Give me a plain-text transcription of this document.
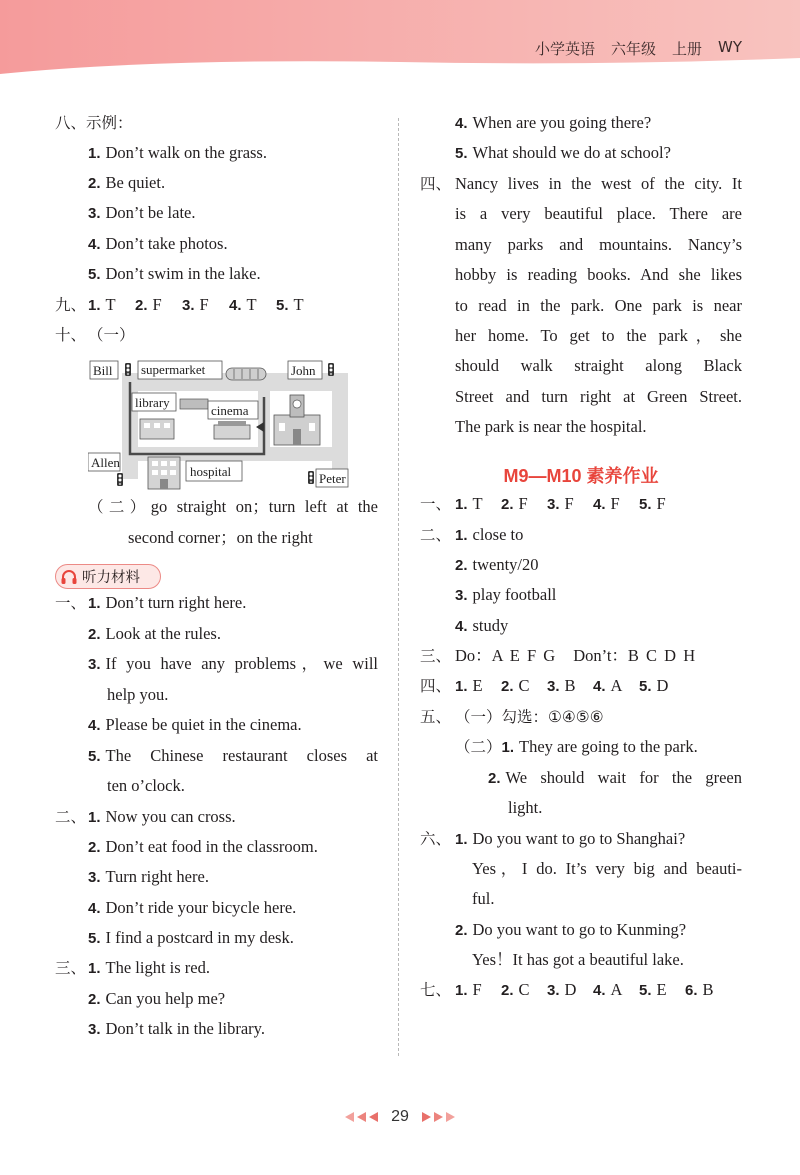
小学英语 六年级 上册 WY
八、示例：
1. Don’t walk on the grass.
2. Be quiet.
3. Don’t be late.
4. Don’t take photos.
5. Don’t swim in the lake.
九、 1. T 2. F 3. F 4. T 5. T
十、 （一）
Bill supermarket	John
library
cinema
Allen
hospital	Peter
（二）go straight on；turn left at the
second corner；on the right
听力材料
一、 1. Don’t turn right here.
2. Look at the rules.
3. If you have any problems，we will
help you.
4. Please be quiet in the cinema.
5. The Chinese restaurant closes at
ten o’clock.
二、 1. Now you can cross.
2. Don’t eat food in the classroom.
3. Turn right here.
4. Don’t ride your bicycle here.
5. I find a postcard in my desk.
三、 1. The light is red.
2. Can you help me?
3. Don’t talk in the library.
4. When are you going there?
5. What should we do at school?
四、 Nancy lives in the west of the city. It
is a very beautiful place. There are
many parks and mountains. Nancy’s
hobby is reading books. And she likes
to read in the park. One park is near
her home. To get to the park，she
should walk straight along Black
Street and turn right at Green Street.
The park is near the hospital.
M9—M10 素养作业
一、 1. T 2. F 3. F 4. F 5. F
二、 1. close to
2. twenty/20
3. play football
4. study
三、 Do：A E F G Don’t：B C D H
四、 1. E 2. C 3. B 4. A 5. D
五、 （一）勾选：①④⑤⑥
（二）1. They are going to the park.
2. We should wait for the green
light.
六、 1. Do you want to go to Shanghai?
Yes，I do. It’s very big and beauti-
ful.
2. Do you want to go to Kunming?
Yes！It has got a beautiful lake.
七、 1. F 2. C 3. D 4. A 5. E 6. B
29
